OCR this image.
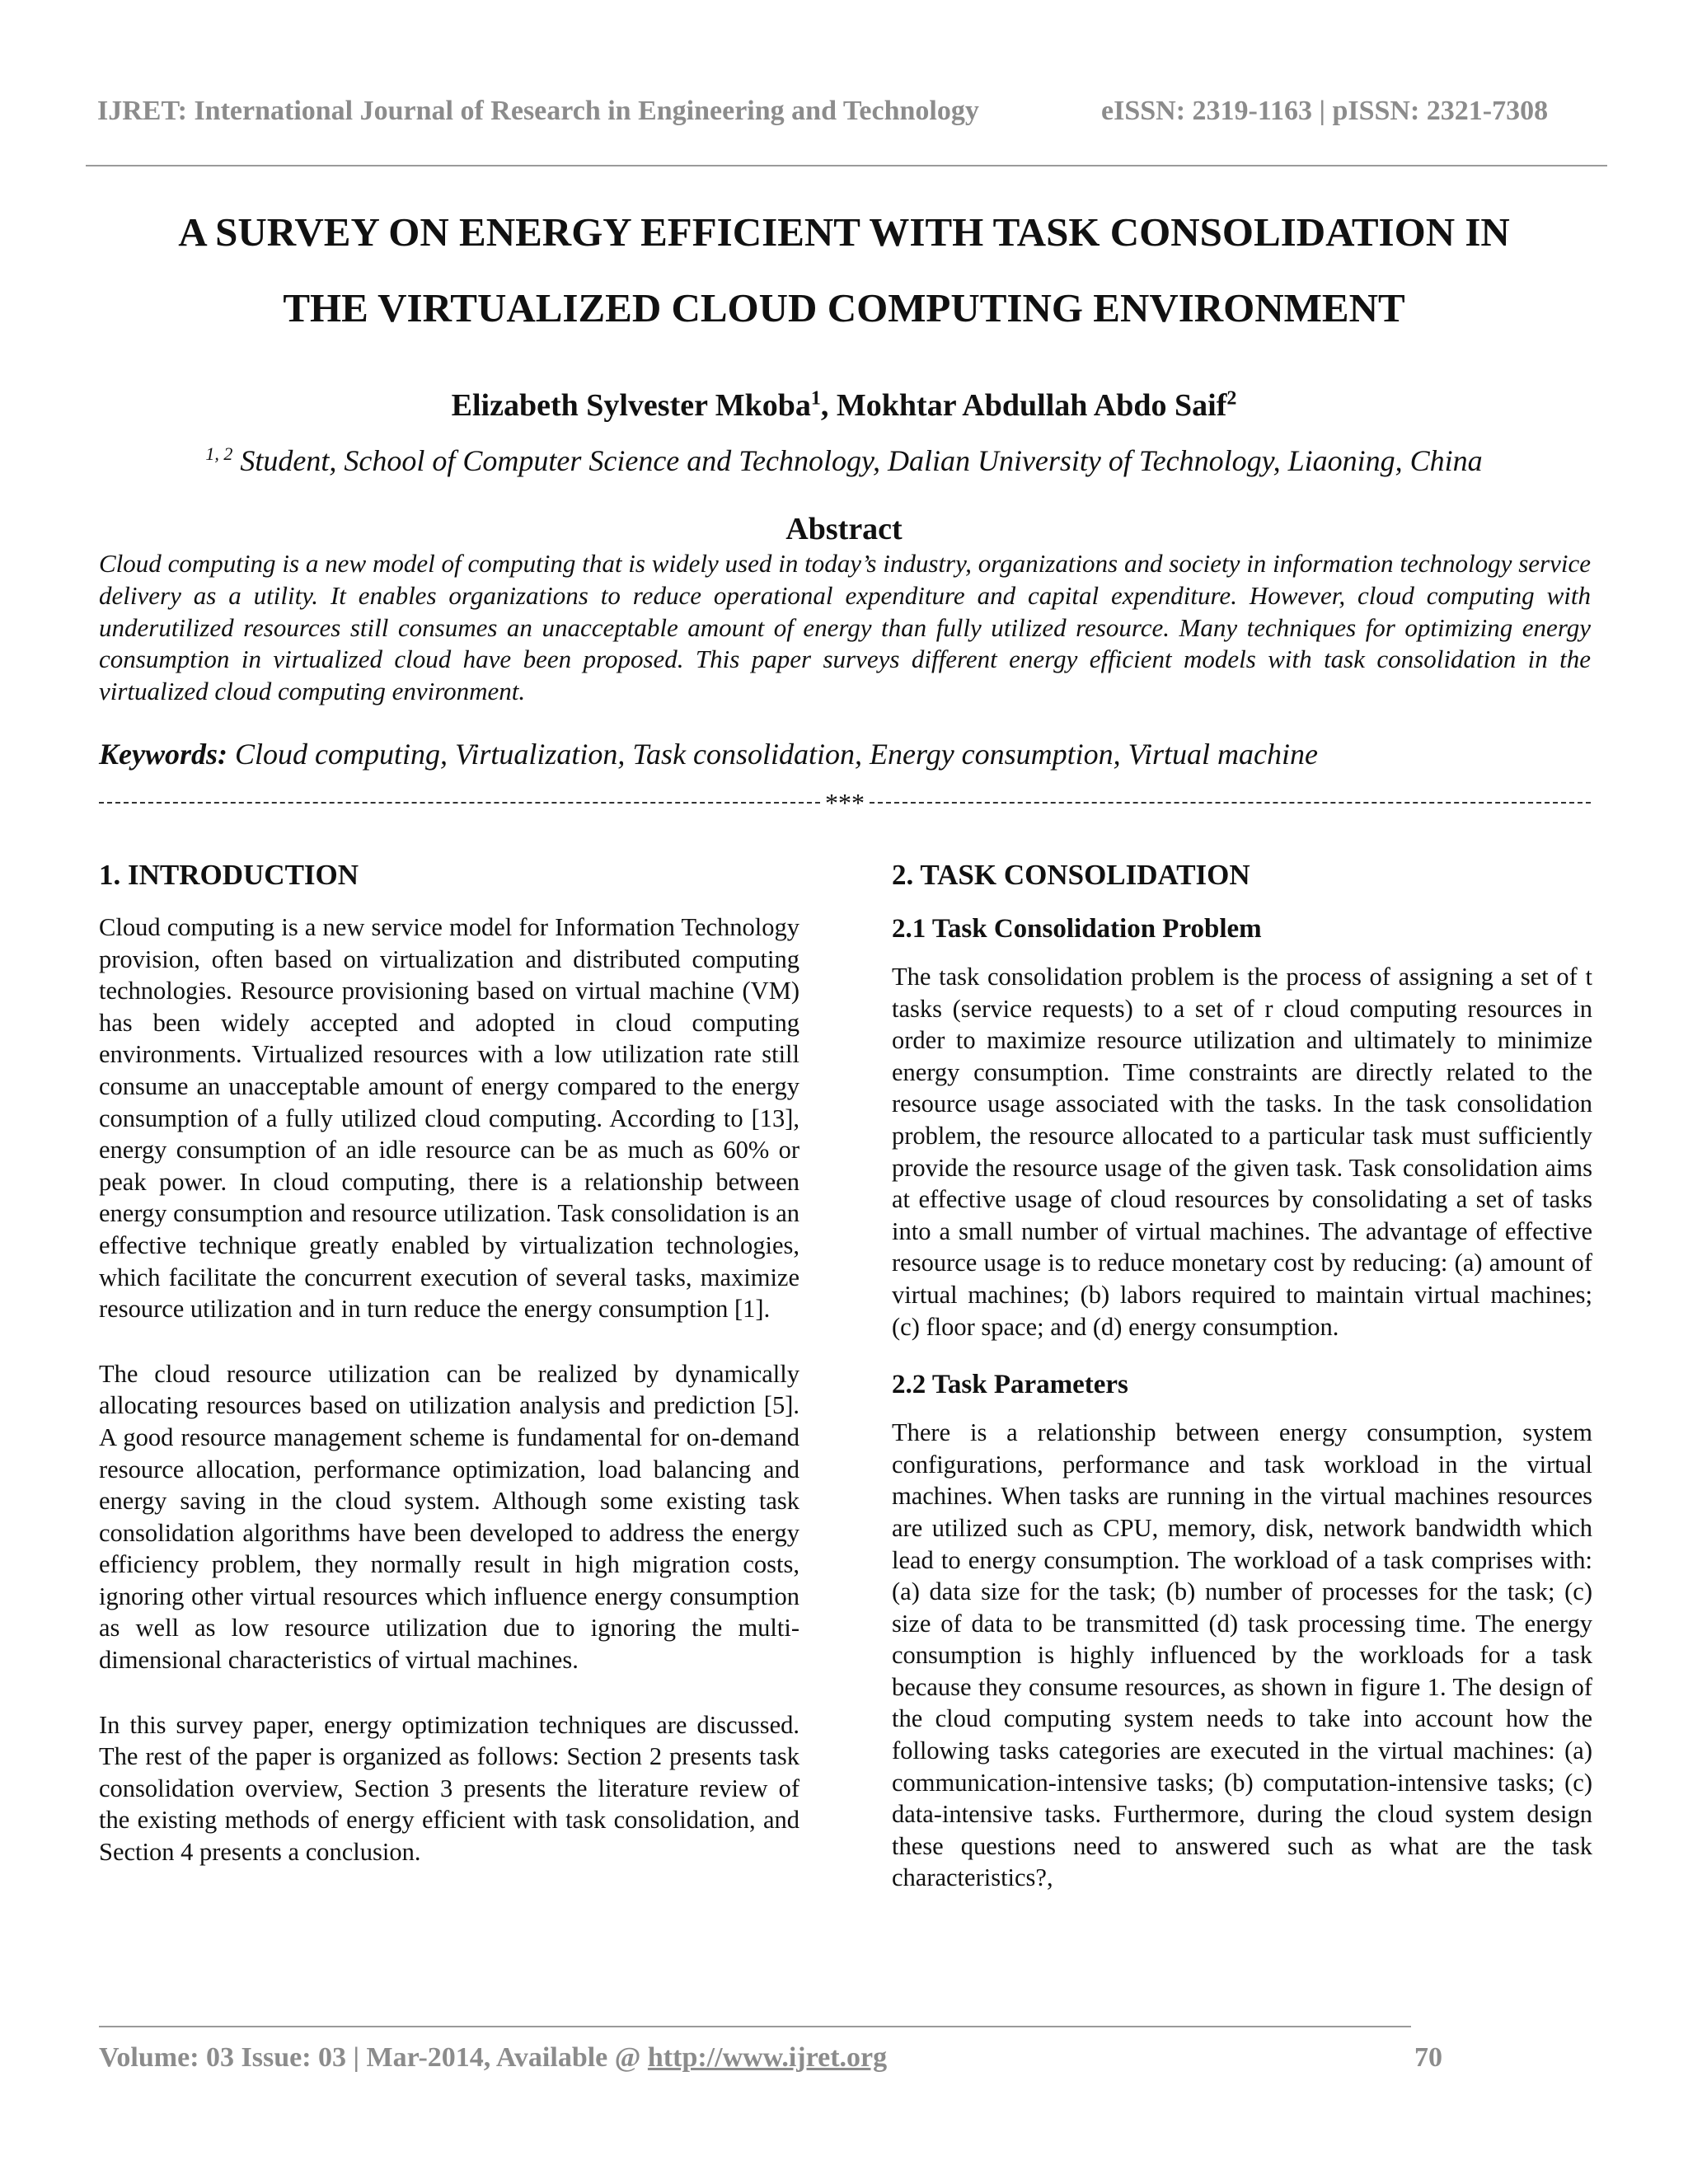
IJRET: International Journal of Research in Engineering and Technology	eISSN: 2319-1163 | pISSN: 2321-7308
A SURVEY ON ENERGY EFFICIENT WITH TASK CONSOLIDATION IN
THE VIRTUALIZED CLOUD COMPUTING ENVIRONMENT
Elizabeth Sylvester Mkoba$^1$, Mokhtar Abdullah Abdo Saif$^2$
$^{1, 2}$ Student, School of Computer Science and Technology, Dalian University of Technology, Liaoning, China
Abstract
Cloud computing is a new model of computing that is widely used in today’s industry, organizations and society in information technology service delivery as a utility. It enables organizations to reduce operational expenditure and capital expenditure. However, cloud computing with underutilized resources still consumes an unacceptable amount of energy than fully utilized resource. Many techniques for optimizing energy consumption in virtualized cloud have been proposed. This paper surveys different energy efficient models with task consolidation in the virtualized cloud computing environment.
Keywords: Cloud computing, Virtualization, Task consolidation, Energy consumption, Virtual machine
***
1. INTRODUCTION

Cloud computing is a new service model for Information Technology provision, often based on virtualization and distributed computing technologies. Resource provisioning based on virtual machine (VM) has been widely accepted and adopted in cloud computing environments. Virtualized resources with a low utilization rate still consume an unacceptable amount of energy compared to the energy consumption of a fully utilized cloud computing. According to [13], energy consumption of an idle resource can be as much as 60% or peak power. In cloud computing, there is a relationship between energy consumption and resource utilization. Task consolidation is an effective technique greatly enabled by virtualization technologies, which facilitate the concurrent execution of several tasks, maximize resource utilization and in turn reduce the energy consumption [1].

The cloud resource utilization can be realized by dynamically allocating resources based on utilization analysis and prediction [5]. A good resource management scheme is fundamental for on-demand resource allocation, performance optimization, load balancing and energy saving in the cloud system. Although some existing task consolidation algorithms have been developed to address the energy efficiency problem, they normally result in high migration costs, ignoring other virtual resources which influence energy consumption as well as low resource utilization due to ignoring the multi-dimensional characteristics of virtual machines.

In this survey paper, energy optimization techniques are discussed. The rest of the paper is organized as follows: Section 2 presents task consolidation overview, Section 3 presents the literature review of the existing methods of energy efficient with task consolidation, and Section 4 presents a conclusion.

2. TASK CONSOLIDATION
2.1 Task Consolidation Problem

The task consolidation problem is the process of assigning a set of t tasks (service requests) to a set of r cloud computing resources in order to maximize resource utilization and ultimately to minimize energy consumption. Time constraints are directly related to the resource usage associated with the tasks. In the task consolidation problem, the resource allocated to a particular task must sufficiently provide the resource usage of the given task. Task consolidation aims at effective usage of cloud resources by consolidating a set of tasks into a small number of virtual machines. The advantage of effective resource usage is to reduce monetary cost by reducing: (a) amount of virtual machines; (b) labors required to maintain virtual machines; (c) floor space; and (d) energy consumption.

2.2 Task Parameters

There is a relationship between energy consumption, system configurations, performance and task workload in the virtual machines. When tasks are running in the virtual machines resources are utilized such as CPU, memory, disk, network bandwidth which lead to energy consumption. The workload of a task comprises with: (a) data size for the task; (b) number of processes for the task; (c) size of data to be transmitted (d) task processing time. The energy consumption is highly influenced by the workloads for a task because they consume resources, as shown in figure 1. The design of the cloud computing system needs to take into account how the following tasks categories are executed in the virtual machines: (a) communication-intensive tasks; (b) computation-intensive tasks; (c) data-intensive tasks. Furthermore, during the cloud system design these questions need to answered such as what are the task characteristics?,

Volume: 03 Issue: 03 | Mar-2014, Available @ http://www.ijret.org	70
